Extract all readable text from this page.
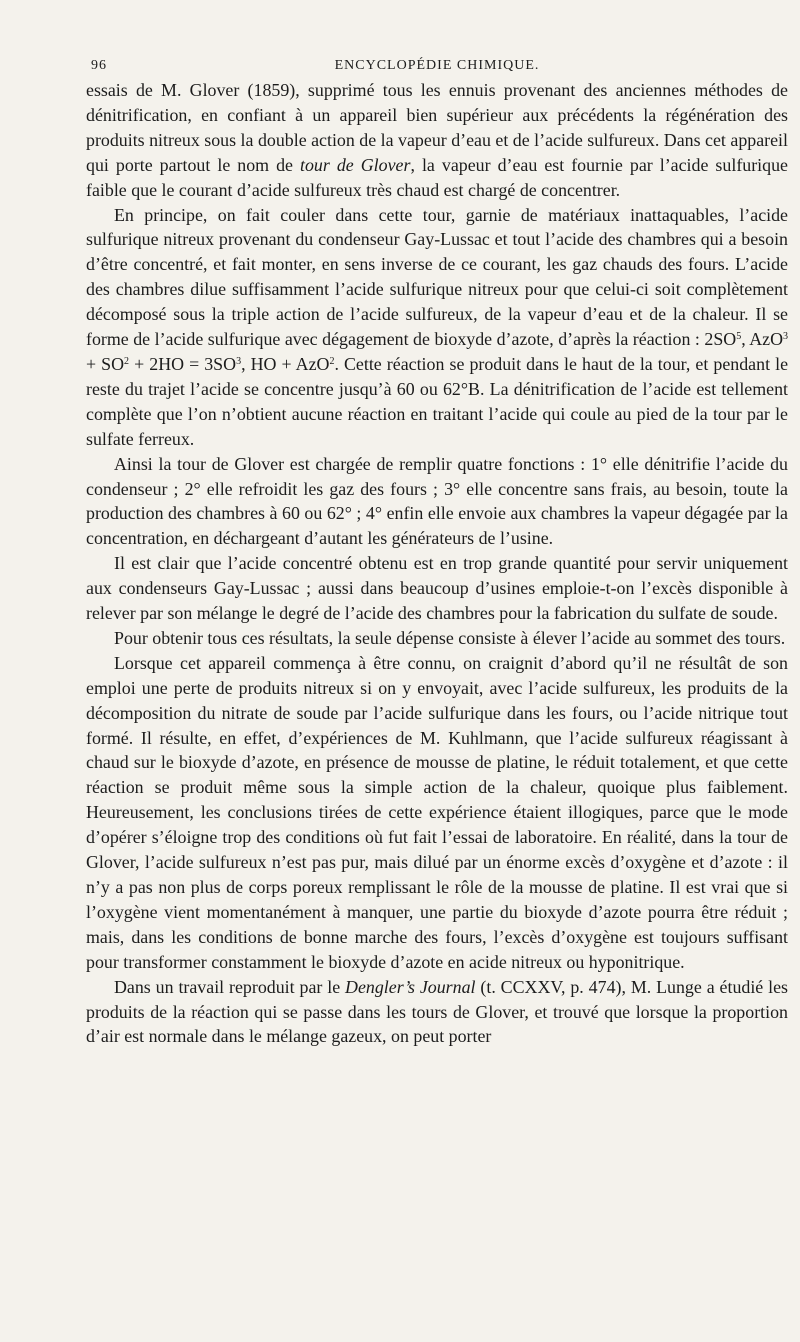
96	ENCYCLOPÉDIE CHIMIQUE.

essais de M. Glover (1859), supprimé tous les ennuis provenant des anciennes méthodes de dénitrification, en confiant à un appareil bien supérieur aux précédents la régénération des produits nitreux sous la double action de la vapeur d’eau et de l’acide sulfureux. Dans cet appareil qui porte partout le nom de tour de Glover, la vapeur d’eau est fournie par l’acide sulfurique faible que le courant d’acide sulfureux très chaud est chargé de concentrer.

En principe, on fait couler dans cette tour, garnie de matériaux inattaquables, l’acide sulfurique nitreux provenant du condenseur Gay-Lussac et tout l’acide des chambres qui a besoin d’être concentré, et fait monter, en sens inverse de ce courant, les gaz chauds des fours. L’acide des chambres dilue suffisamment l’acide sulfurique nitreux pour que celui-ci soit complètement décomposé sous la triple action de l’acide sulfureux, de la vapeur d’eau et de la chaleur. Il se forme de l’acide sulfurique avec dégagement de bioxyde d’azote, d’après la réaction : $2SO^5$, $AzO^3 + SO^2 + 2HO = 3SO^3$, HO + AzO$^2$. Cette réaction se produit dans le haut de la tour, et pendant le reste du trajet l’acide se concentre jusqu’à 60 ou 62°B. La dénitrification de l’acide est tellement complète que l’on n’obtient aucune réaction en traitant l’acide qui coule au pied de la tour par le sulfate ferreux.

Ainsi la tour de Glover est chargée de remplir quatre fonctions : 1° elle dénitrifie l’acide du condenseur ; 2° elle refroidit les gaz des fours ; 3° elle concentre sans frais, au besoin, toute la production des chambres à 60 ou 62° ; 4° enfin elle envoie aux chambres la vapeur dégagée par la concentration, en déchargeant d’autant les générateurs de l’usine.

Il est clair que l’acide concentré obtenu est en trop grande quantité pour servir uniquement aux condenseurs Gay-Lussac ; aussi dans beaucoup d’usines emploie-t-on l’excès disponible à relever par son mélange le degré de l’acide des chambres pour la fabrication du sulfate de soude.

Pour obtenir tous ces résultats, la seule dépense consiste à élever l’acide au sommet des tours.

Lorsque cet appareil commença à être connu, on craignit d’abord qu’il ne résultât de son emploi une perte de produits nitreux si on y envoyait, avec l’acide sulfureux, les produits de la décomposition du nitrate de soude par l’acide sulfurique dans les fours, ou l’acide nitrique tout formé. Il résulte, en effet, d’expériences de M. Kuhlmann, que l’acide sulfureux réagissant à chaud sur le bioxyde d’azote, en présence de mousse de platine, le réduit totalement, et que cette réaction se produit même sous la simple action de la chaleur, quoique plus faiblement. Heureusement, les conclusions tirées de cette expérience étaient illogiques, parce que le mode d’opérer s’éloigne trop des conditions où fut fait l’essai de laboratoire. En réalité, dans la tour de Glover, l’acide sulfureux n’est pas pur, mais dilué par un énorme excès d’oxygène et d’azote : il n’y a pas non plus de corps poreux remplissant le rôle de la mousse de platine. Il est vrai que si l’oxygène vient momentanément à manquer, une partie du bioxyde d’azote pourra être réduit ; mais, dans les conditions de bonne marche des fours, l’excès d’oxygène est toujours suffisant pour transformer constamment le bioxyde d’azote en acide nitreux ou hyponitrique.

Dans un travail reproduit par le Dengler’s Journal (t. CCXXV, p. 474), M. Lunge a étudié les produits de la réaction qui se passe dans les tours de Glover, et trouvé que lorsque la proportion d’air est normale dans le mélange gazeux, on peut porter
